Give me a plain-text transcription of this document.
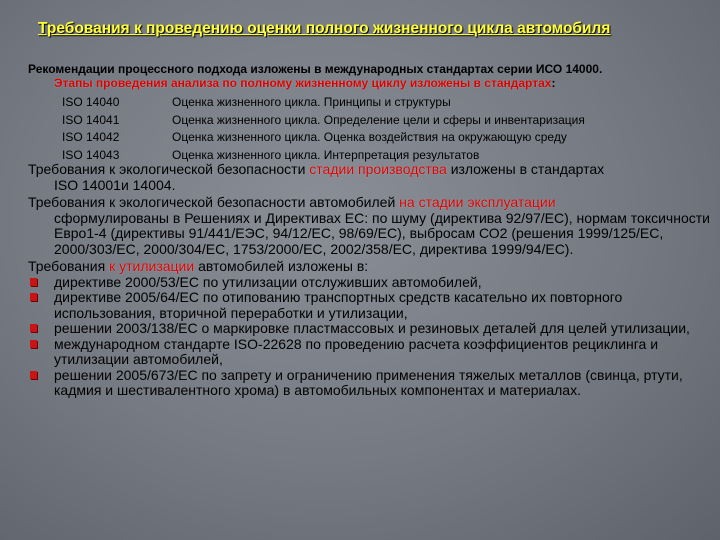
Требования к проведению оценки полного жизненного цикла автомобиля
Рекомендации процессного подхода изложены в международных стандартах серии ИСО 14000.
Этапы проведения анализа по полному жизненному циклу изложены в стандартах:
ISO 14040	Оценка жизненного цикла. Принципы и структуры
ISO 14041	Оценка жизненного цикла. Определение цели и сферы и инвентаризация
ISO 14042	Оценка жизненного цикла. Оценка воздействия на окружающую среду
ISO 14043	Оценка жизненного цикла. Интерпретация результатов
Требования к экологической безопасности стадии производства изложены в стандартах
ISO 14001и 14004.
Требования к экологической безопасности автомобилей на стадии эксплуатации
сформулированы в Решениях и Директивах ЕС: по шуму (директива 92/97/ЕС), нормам токсичности Евро1-4 (директивы 91/441/ЕЭС, 94/12/ЕС, 98/69/ЕС), выбросам СО2 (решения 1999/125/ЕС, 2000/303/ЕС, 2000/304/ЕС, 1753/2000/ЕС, 2002/358/ЕС, директива 1999/94/ЕС).
Требования к утилизации автомобилей изложены в:
директиве 2000/53/ЕС по утилизации отслуживших автомобилей,
директиве 2005/64/ЕС по отипованию транспортных средств касательно их повторного использования, вторичной переработки и утилизации,
решении 2003/138/ЕС о маркировке пластмассовых и резиновых деталей для целей утилизации,
международном стандарте ISO-22628 по проведению расчета коэффициентов рециклинга и утилизации автомобилей,
решении 2005/673/ЕС по запрету и ограничению применения тяжелых металлов (свинца, ртути, кадмия и шестивалентного хрома) в автомобильных компонентах и материалах.
